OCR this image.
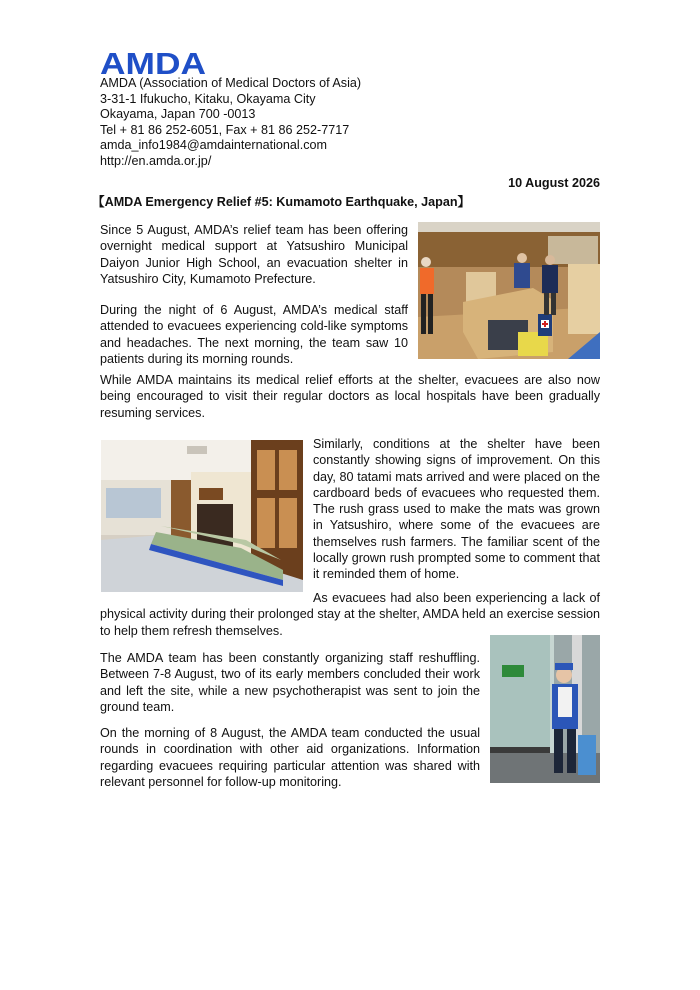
AMDA
AMDA (Association of Medical Doctors of Asia)
3-31-1 Ifukucho, Kitaku, Okayama City
Okayama, Japan 700 -0013
Tel + 81 86 252-6051, Fax + 81 86 252-7717
amda_info1984@amdainternational.com
http://en.amda.or.jp/
10 August 2026
【AMDA Emergency Relief #5: Kumamoto Earthquake, Japan】

Since 5 August, AMDA’s relief team has been offering overnight medical support at Yatsushiro Municipal Daiyon Junior High School, an evacuation shelter in Yatsushiro City, Kumamoto Prefecture.

During the night of 6 August, AMDA’s medical staff attended to evacuees experiencing cold-like symptoms and headaches. The next morning, the team saw 10 patients during its morning rounds.

While AMDA maintains its medical relief efforts at the shelter, evacuees are also now being encouraged to visit their regular doctors as local hospitals have been gradually resuming services.

Similarly, conditions at the shelter have been constantly showing signs of improvement. On this day, 80 tatami mats arrived and were placed on the cardboard beds of evacuees who requested them. The rush grass used to make the mats was grown in Yatsushiro, where some of the evacuees are themselves rush farmers. The familiar scent of the locally grown rush prompted some to comment that it reminded them of home.

As evacuees had also been experiencing a lack of physical activity during their prolonged stay at the shelter, AMDA held an exercise session to help them refresh themselves.

The AMDA team has been constantly organizing staff reshuffling. Between 7-8 August, two of its early members concluded their work and left the site, while a new psychotherapist was sent to join the ground team.

On the morning of 8 August, the AMDA team conducted the usual rounds in coordination with other aid organizations. Information regarding evacuees requiring particular attention was shared with relevant personnel for follow-up monitoring.
